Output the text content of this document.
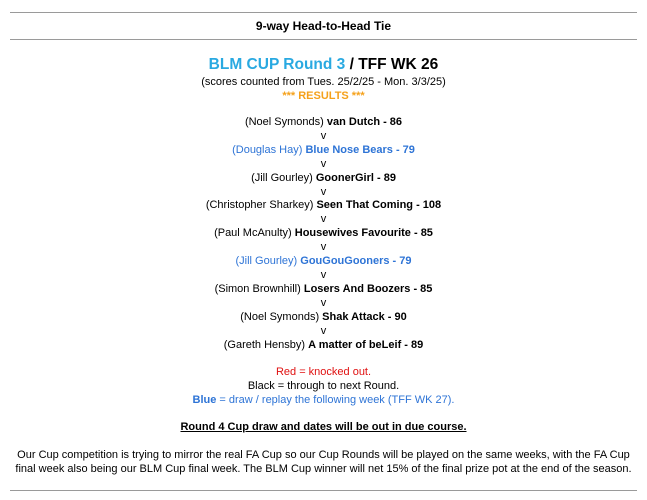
9-way Head-to-Head Tie
BLM CUP Round 3 / TFF WK 26
(scores counted from Tues. 25/2/25 - Mon. 3/3/25)
*** RESULTS ***
(Noel Symonds) van Dutch - 86
v
(Douglas Hay) Blue Nose Bears - 79
v
(Jill Gourley) GoonerGirl - 89
v
(Christopher Sharkey) Seen That Coming - 108
v
(Paul McAnulty) Housewives Favourite - 85
v
(Jill Gourley) GouGouGooners - 79
v
(Simon Brownhill) Losers And Boozers - 85
v
(Noel Symonds) Shak Attack - 90
v
(Gareth Hensby) A matter of beLeif - 89
Red = knocked out.
Black = through to next Round.
Blue = draw / replay the following week (TFF WK 27).
Round 4 Cup draw and dates will be out in due course.
Our Cup competition is trying to mirror the real FA Cup so our Cup Rounds will be played on the same weeks, with the FA Cup final week also being our BLM Cup final week. The BLM Cup winner will net 15% of the final prize pot at the end of the season.
